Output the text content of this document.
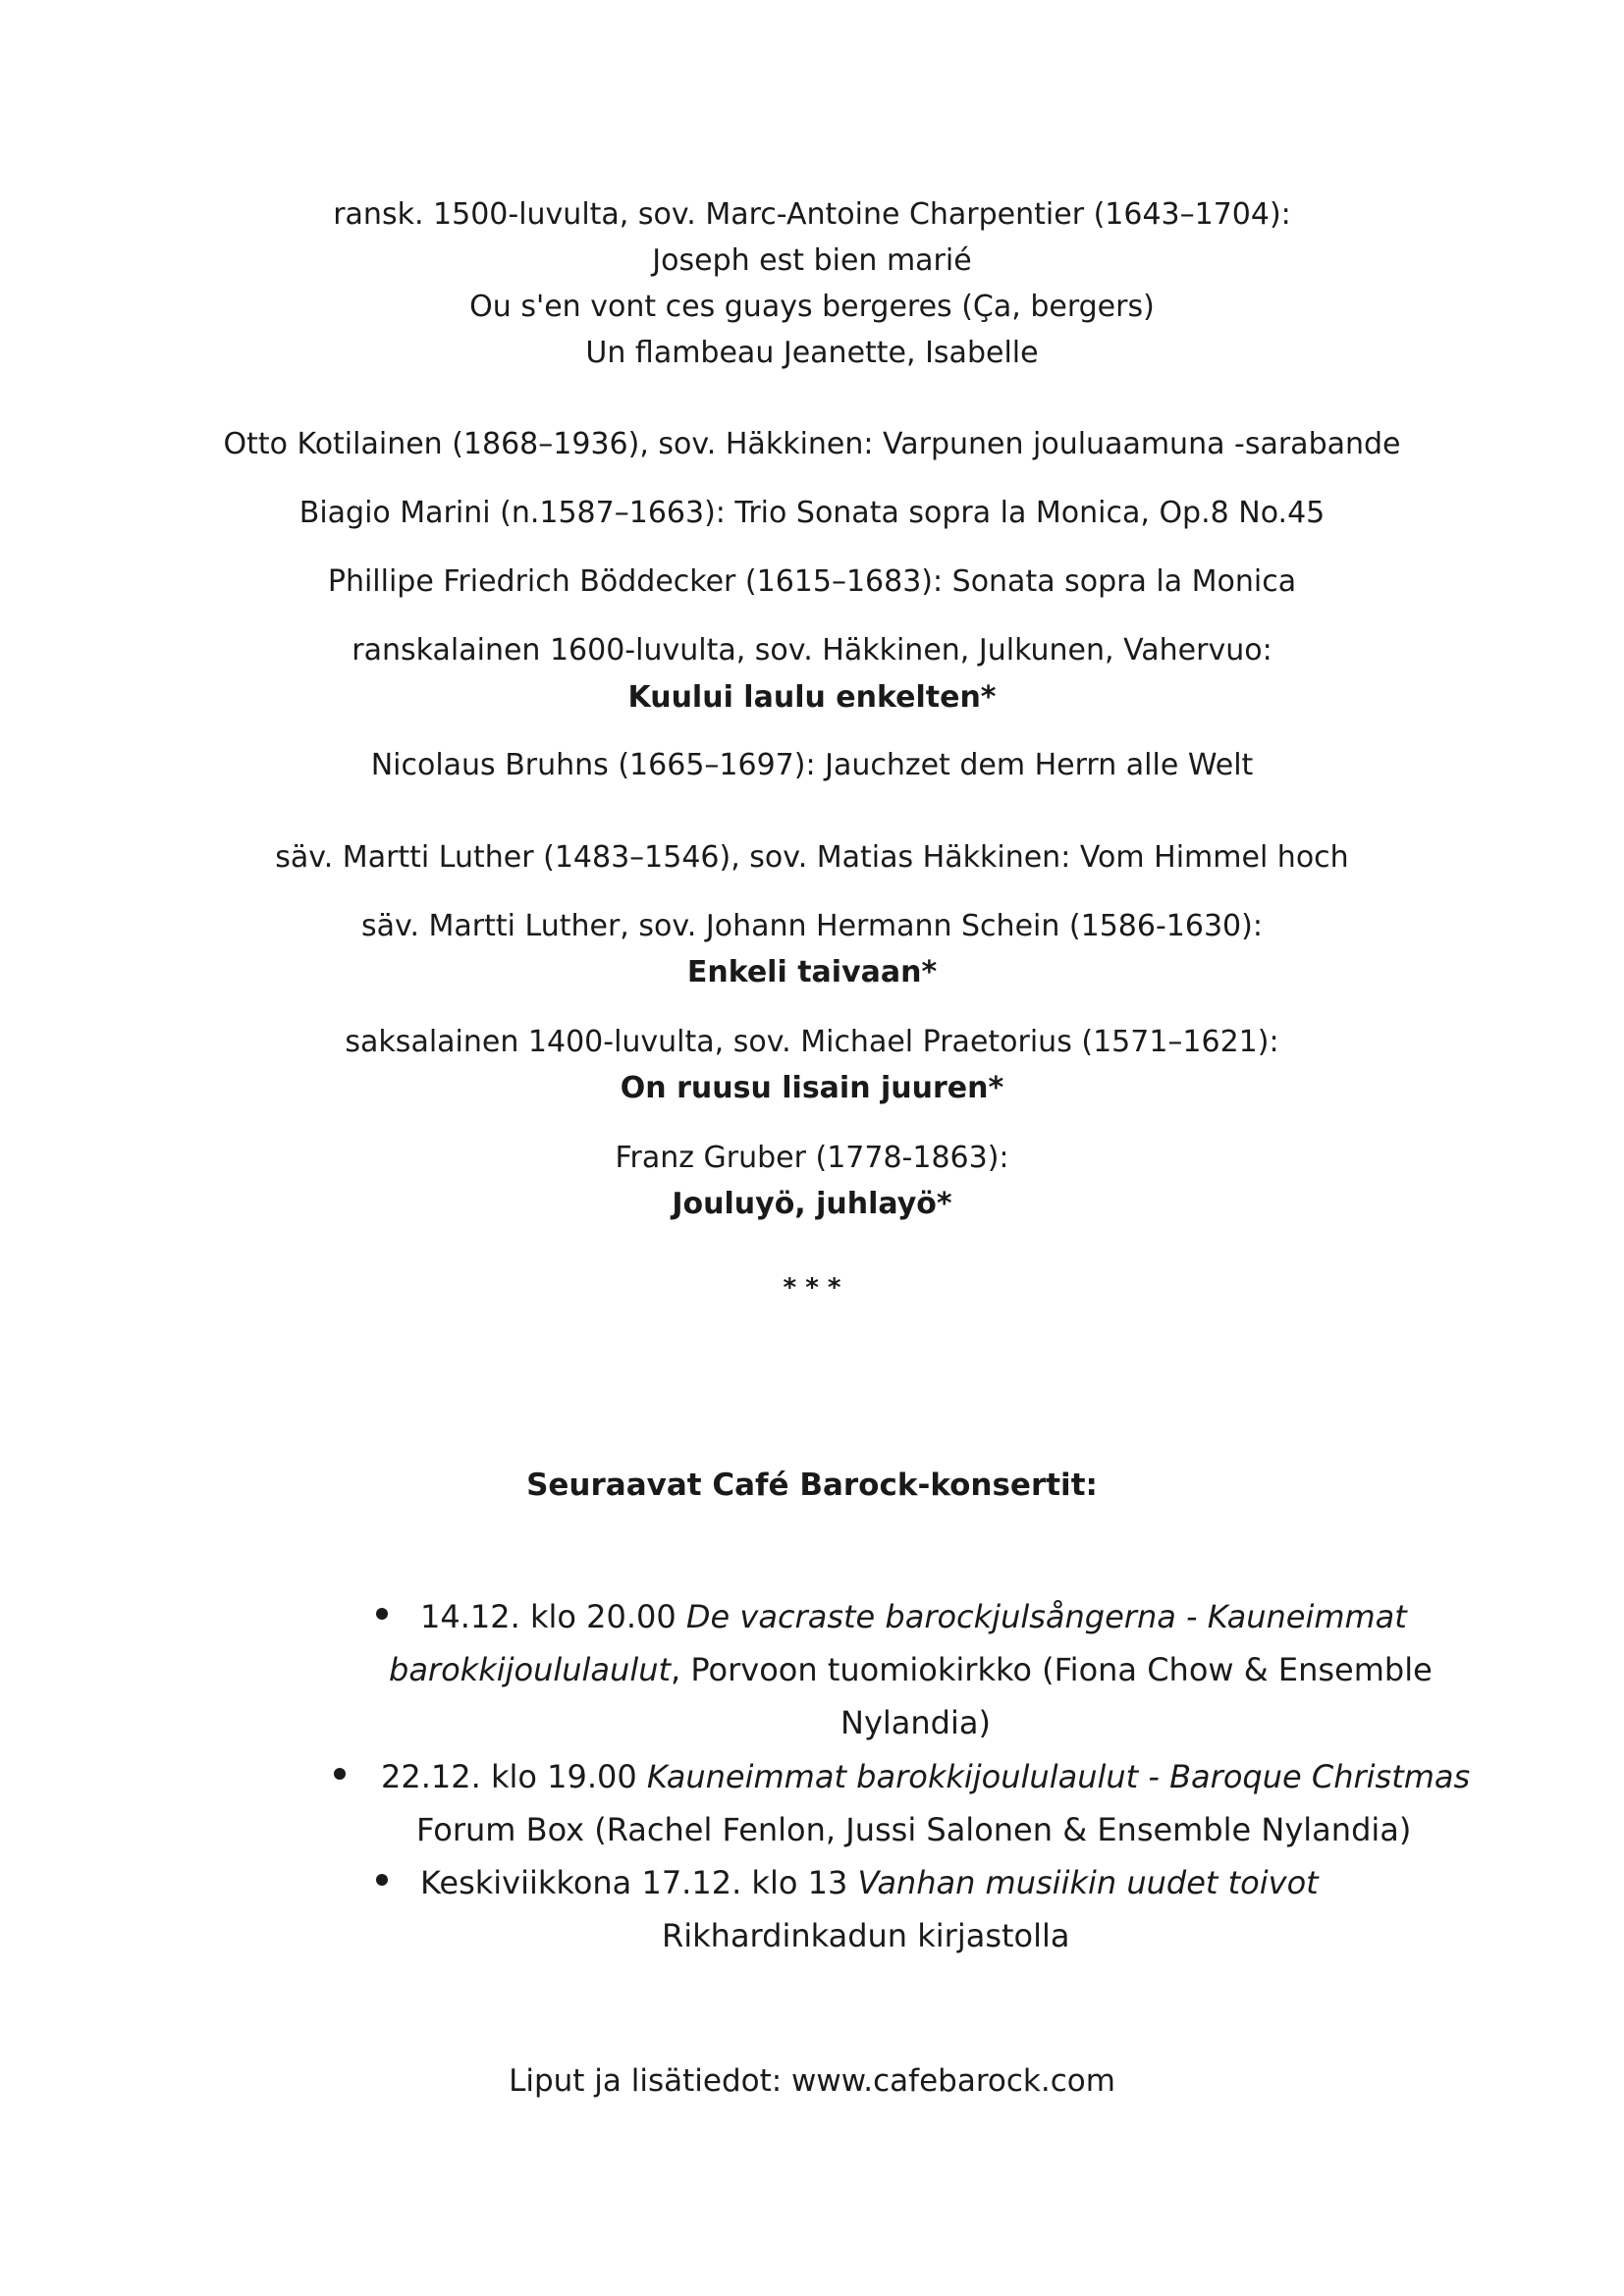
ransk. 1500-luvulta, sov. Marc-Antoine Charpentier (1643–1704):
Joseph est bien marié
Ou s'en vont ces guays bergeres (Ça, bergers)
Un flambeau Jeanette, Isabelle
Otto Kotilainen (1868–1936), sov. Häkkinen: Varpunen jouluaamuna -sarabande
Biagio Marini (n.1587–1663): Trio Sonata sopra la Monica, Op.8 No.45
Phillipe Friedrich Böddecker (1615–1683): Sonata sopra la Monica
ranskalainen 1600-luvulta, sov. Häkkinen, Julkunen, Vahervuo:
Kuului laulu enkelten*
Nicolaus Bruhns (1665–1697): Jauchzet dem Herrn alle Welt
säv. Martti Luther (1483–1546), sov. Matias Häkkinen: Vom Himmel hoch
säv. Martti Luther, sov. Johann Hermann Schein (1586-1630):
Enkeli taivaan*
saksalainen 1400-luvulta, sov. Michael Praetorius (1571–1621):
On ruusu lisain juuren*
Franz Gruber (1778-1863):
Jouluyö, juhlayö*
* * *
Seuraavat Café Barock-konsertit:
14.12. klo 20.00 De vacraste barockjulsångerna - Kauneimmat
barokkijoululaulut, Porvoon tuomiokirkko (Fiona Chow & Ensemble
Nylandia)
22.12. klo 19.00 Kauneimmat barokkijoululaulut - Baroque Christmas
Forum Box (Rachel Fenlon, Jussi Salonen & Ensemble Nylandia)
Keskiviikkona 17.12. klo 13 Vanhan musiikin uudet toivot
Rikhardinkadun kirjastolla
Liput ja lisätiedot: www.cafebarock.com
